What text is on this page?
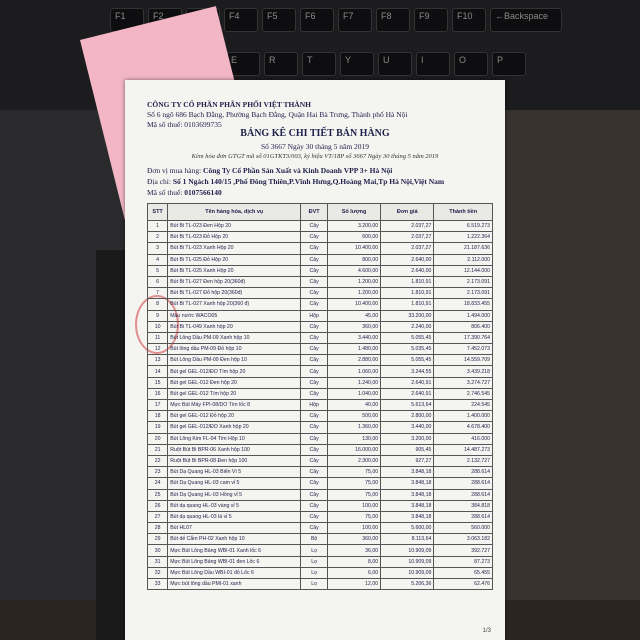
F1	F2	F4	F5	F6	F7	F8	F9	F10	←Backspace
E	R	T	Y	U	I	O	P
CÔNG TY CỔ PHẦN PHÂN PHỐI VIỆT THÀNH
Số 6 ngõ 686 Bạch Đằng, Phường Bạch Đằng, Quận Hai Bà Trưng, Thành phố Hà Nội
Mã số thuế: 0103699735
BẢNG KÊ CHI TIẾT BÁN HÀNG
Số 3667 Ngày 30 tháng 5 năm 2019
Kèm hóa đơn GTGT mã số 01GTKT3/003, ký hiệu VT/18P số 3667 Ngày 30 tháng 5 năm 2019
Đơn vị mua hàng: Công Ty Cổ Phần Sản Xuất và Kinh Doanh VPP 3+ Hà Nội
Địa chỉ: Số 1 Ngách 140/15 ,Phố Đông Thiên,P.Vĩnh Hưng,Q.Hoàng Mai,Tp Hà Nội,Việt Nam
Mã số thuế: 0107566140
STT	Tên hàng hóa, dịch vụ	ĐVT	Số lượng	Đơn giá	Thành tiền
1	Bút Bi TL-023 Đen Hộp 20	Cây	3.200,00	2.037,27	6.519.273
2	Bút Bi TL-023 Đỏ Hộp 20	Cây	600,00	2.037,27	1.222.364
3	Bút Bi TL-023 Xanh Hộp 20	Cây	10.400,00	2.037,27	21.187.636
4	Bút Bi TL-025 Đỏ Hộp 20	Cây	800,00	2.640,00	2.112.000
5	Bút Bi TL-025 Xanh Hộp 20	Cây	4.600,00	2.640,00	12.144.000
6	Bút Bi TL-027 Đen hộp 20(360đ)	Cây	1.200,00	1.810,91	2.173.091
7	Bút Bi TL-027 Đỏ hộp 20(360đ)	Cây	1.200,00	1.810,91	2.173.091
8	Bút Bi TL-027 Xanh hộp 20(360 đ)	Cây	10.400,00	1.810,91	18.833.455
9	Màu nước WACO05	Hộp	45,00	33.200,00	1.494.000
10	Bút Bi TL-049 Xanh hộp 20	Cây	360,00	2.240,00	806.400
11	Bút Lông Dầu PM-09 Xanh hộp 10	Cây	3.440,00	5.055,45	17.390.764
12	Bút lông dầu PM-09 Đỏ hộp 10	Cây	1.480,00	5.035,45	7.452.073
13	Bút Lông Dầu PM-09 Đen hộp 10	Cây	2.880,00	5.055,45	14.559.709
14	Bút gel GEL-012/ĐO Tím hộp 20	Cây	1.060,00	3.244,55	3.439.218
15	Bút gel GEL-012 Đen hộp 20	Cây	1.240,00	2.640,91	3.274.727
16	Bút gel GEL-012 Tím hộp 20	Cây	1.040,00	2.640,91	2.746.545
17	Mực Bút Máy FPI-08/DO Tím lốc 8	Hộp	40,00	5.613,64	224.545
18	Bút gel GEL-012 Đỏ hộp 20	Cây	500,00	2.800,00	1.400.000
19	Bút gel GEL-012/ĐO Xanh hộp 20	Cây	1.360,00	3.440,00	4.678.400
20	Bút Lông Kim FL-04 Tím Hộp 10	Cây	130,00	3.200,00	416.000
21	Ruột Bút Bi BPR-06 Xanh hộp 100	Cây	16.000,00	905,45	14.487.273
22	Ruột Bút Bi BPR-08 Đen hộp 100	Cây	2.300,00	927,27	2.132.727
23	Bút Dạ Quang HL-03 Biển Vì 5	Cây	75,00	3.848,18	288.614
24	Bút Dạ Quang HL-03 cam vỉ 5	Cây	75,00	3.848,18	288.614
25	Bút Dạ Quang HL-03 Hồng vỉ 5	Cây	75,00	3.848,18	288.614
26	Bút dạ quang HL-03 vàng vỉ 5	Cây	100,00	3.848,18	384.818
27	Bút dạ quang HL-03 lá vỉ 5	Cây	75,00	3.848,18	288.614
28	Bút HL07	Cây	100,00	5.600,00	560.000
29	Bút dế Cắm PH-02 Xanh hộp 10	Bộ	360,00	8.113,64	3.063.182
30	Mực Bút Lông Bảng WBI-01 Xanh lốc 6	Lọ	36,00	10.909,09	392.727
31	Mực Bút Lông Bảng WBI-01 đen Lốc 6	Lọ	8,00	10.909,09	87.273
32	Mực Bút Lông Dầu WBI-01 đỏ Lốc 6	Lọ	6,00	10.909,09	65.455
33	Mực bút lông dầu PMI-01 xanh	Lọ	12,00	5.206,36	62.476
1/3
